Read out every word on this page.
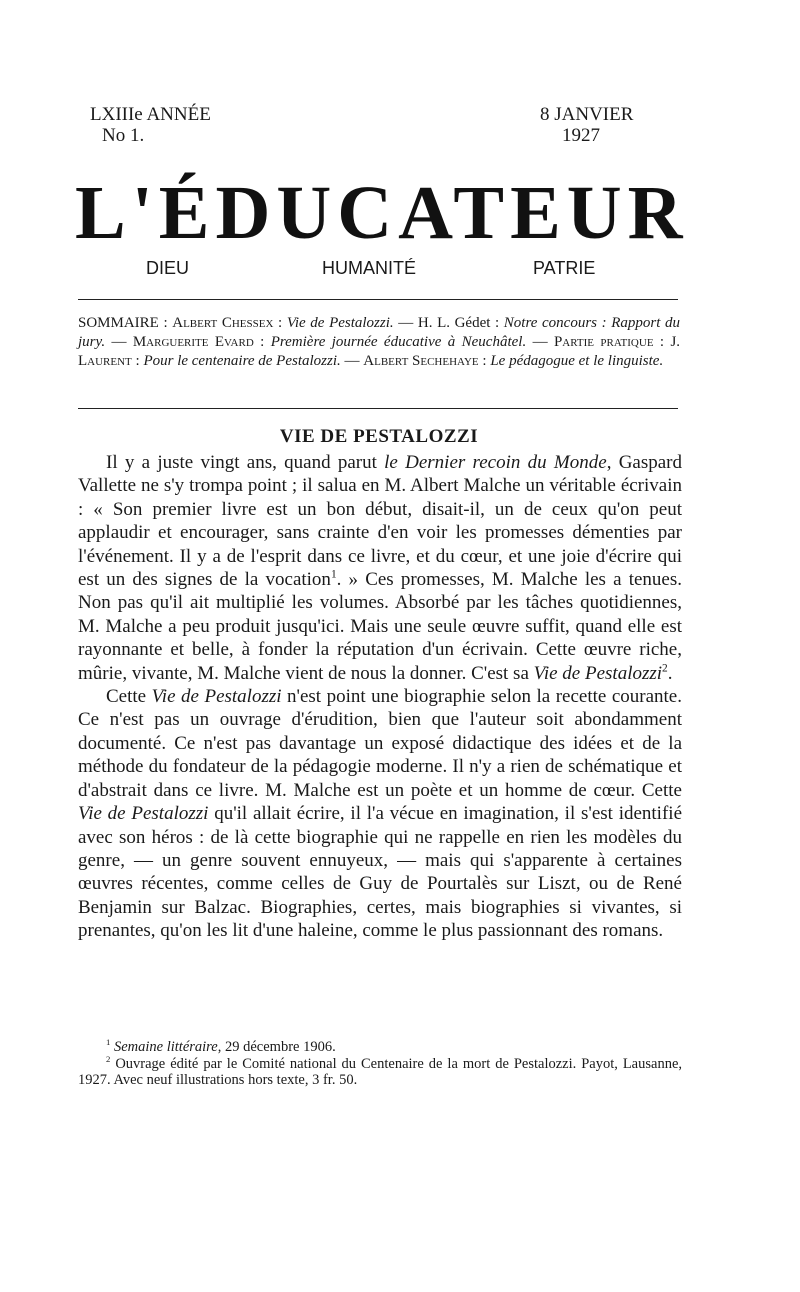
LXIIIe ANNÉE
No 1.
8 JANVIER
1927
L'ÉDUCATEUR
DIEU	HUMANITÉ	PATRIE

SOMMAIRE : Albert Chessex : Vie de Pestalozzi. — H. L. Gédet : Notre concours : Rapport du jury. — Marguerite Evard : Première journée éducative à Neuchâtel. — Partie pratique : J. Laurent : Pour le centenaire de Pestalozzi. — Albert Sechehaye : Le pédagogue et le linguiste.

VIE DE PESTALOZZI

Il y a juste vingt ans, quand parut le Dernier recoin du Monde, Gaspard Vallette ne s'y trompa point ; il salua en M. Albert Malche un véritable écrivain : « Son premier livre est un bon début, disait-il, un de ceux qu'on peut applaudir et encourager, sans crainte d'en voir les promesses démenties par l'événement. Il y a de l'esprit dans ce livre, et du cœur, et une joie d'écrire qui est un des signes de la vocation$^1$. » Ces promesses, M. Malche les a tenues. Non pas qu'il ait multiplié les volumes. Absorbé par les tâches quotidiennes, M. Malche a peu produit jusqu'ici. Mais une seule œuvre suffit, quand elle est rayonnante et belle, à fonder la réputation d'un écrivain. Cette œuvre riche, mûrie, vivante, M. Malche vient de nous la donner. C'est sa Vie de Pestalozzi$^2$.

Cette Vie de Pestalozzi n'est point une biographie selon la recette courante. Ce n'est pas un ouvrage d'érudition, bien que l'auteur soit abondamment documenté. Ce n'est pas davantage un exposé didactique des idées et de la méthode du fondateur de la pédagogie moderne. Il n'y a rien de schématique et d'abstrait dans ce livre. M. Malche est un poète et un homme de cœur. Cette Vie de Pestalozzi qu'il allait écrire, il l'a vécue en imagination, il s'est identifié avec son héros : de là cette biographie qui ne rappelle en rien les modèles du genre, — un genre souvent ennuyeux, — mais qui s'apparente à certaines œuvres récentes, comme celles de Guy de Pourtalès sur Liszt, ou de René Benjamin sur Balzac. Biographies, certes, mais biographies si vivantes, si prenantes, qu'on les lit d'une haleine, comme le plus passionnant des romans.

$^1$ Semaine littéraire, 29 décembre 1906.

$^2$ Ouvrage édité par le Comité national du Centenaire de la mort de Pestalozzi. Payot, Lausanne, 1927. Avec neuf illustrations hors texte, 3 fr. 50.
